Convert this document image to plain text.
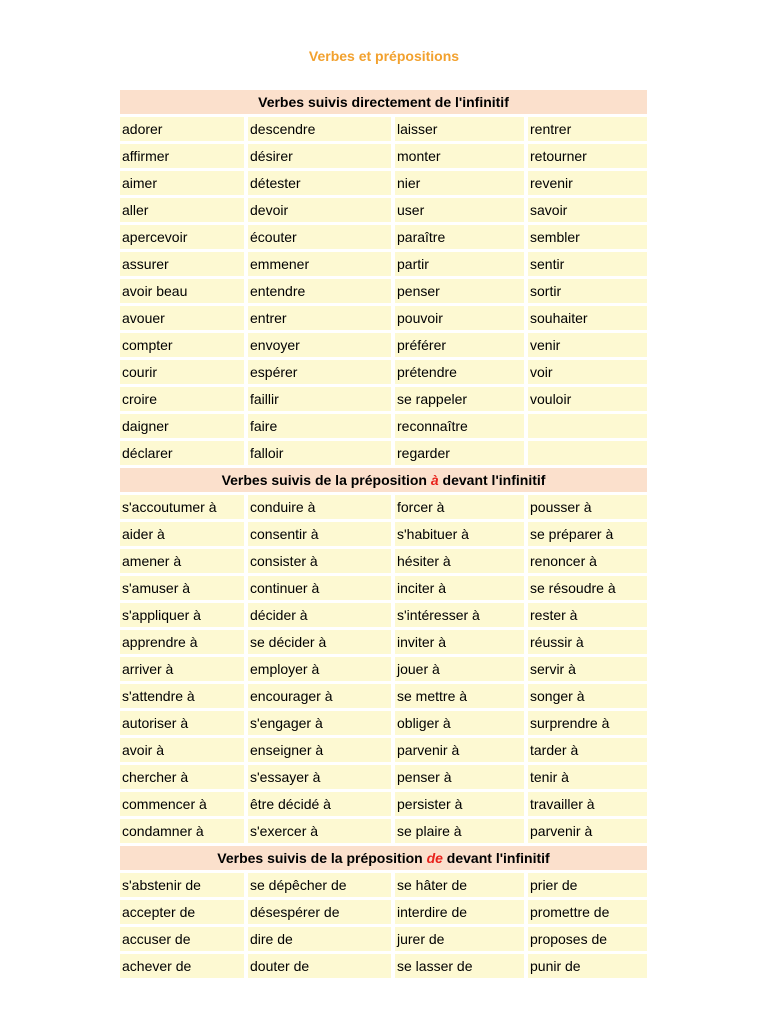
Verbes et prépositions
Verbes suivis directement de l'infinitif
adorer	descendre	laisser	rentrer
affirmer	désirer	monter	retourner
aimer	détester	nier	revenir
aller	devoir	user	savoir
apercevoir	écouter	paraître	sembler
assurer	emmener	partir	sentir
avoir beau	entendre	penser	sortir
avouer	entrer	pouvoir	souhaiter
compter	envoyer	préférer	venir
courir	espérer	prétendre	voir
croire	faillir	se rappeler	vouloir
daigner	faire	reconnaître
déclarer	falloir	regarder
Verbes suivis de la préposition à devant l'infinitif
s'accoutumer à	conduire à	forcer à	pousser à
aider à	consentir à	s'habituer à	se préparer à
amener à	consister à	hésiter à	renoncer à
s'amuser à	continuer à	inciter à	se résoudre à
s'appliquer à	décider à	s'intéresser à	rester à
apprendre à	se décider à	inviter à	réussir à
arriver à	employer à	jouer à	servir à
s'attendre à	encourager à	se mettre à	songer à
autoriser à	s'engager à	obliger à	surprendre à
avoir à	enseigner à	parvenir à	tarder à
chercher à	s'essayer à	penser à	tenir à
commencer à	être décidé à	persister à	travailler à
condamner à	s'exercer à	se plaire à	parvenir à
Verbes suivis de la préposition de devant l'infinitif
s'abstenir de	se dépêcher de	se hâter de	prier de
accepter de	désespérer de	interdire de	promettre de
accuser de	dire de	jurer de	proposes de
achever de	douter de	se lasser de	punir de
